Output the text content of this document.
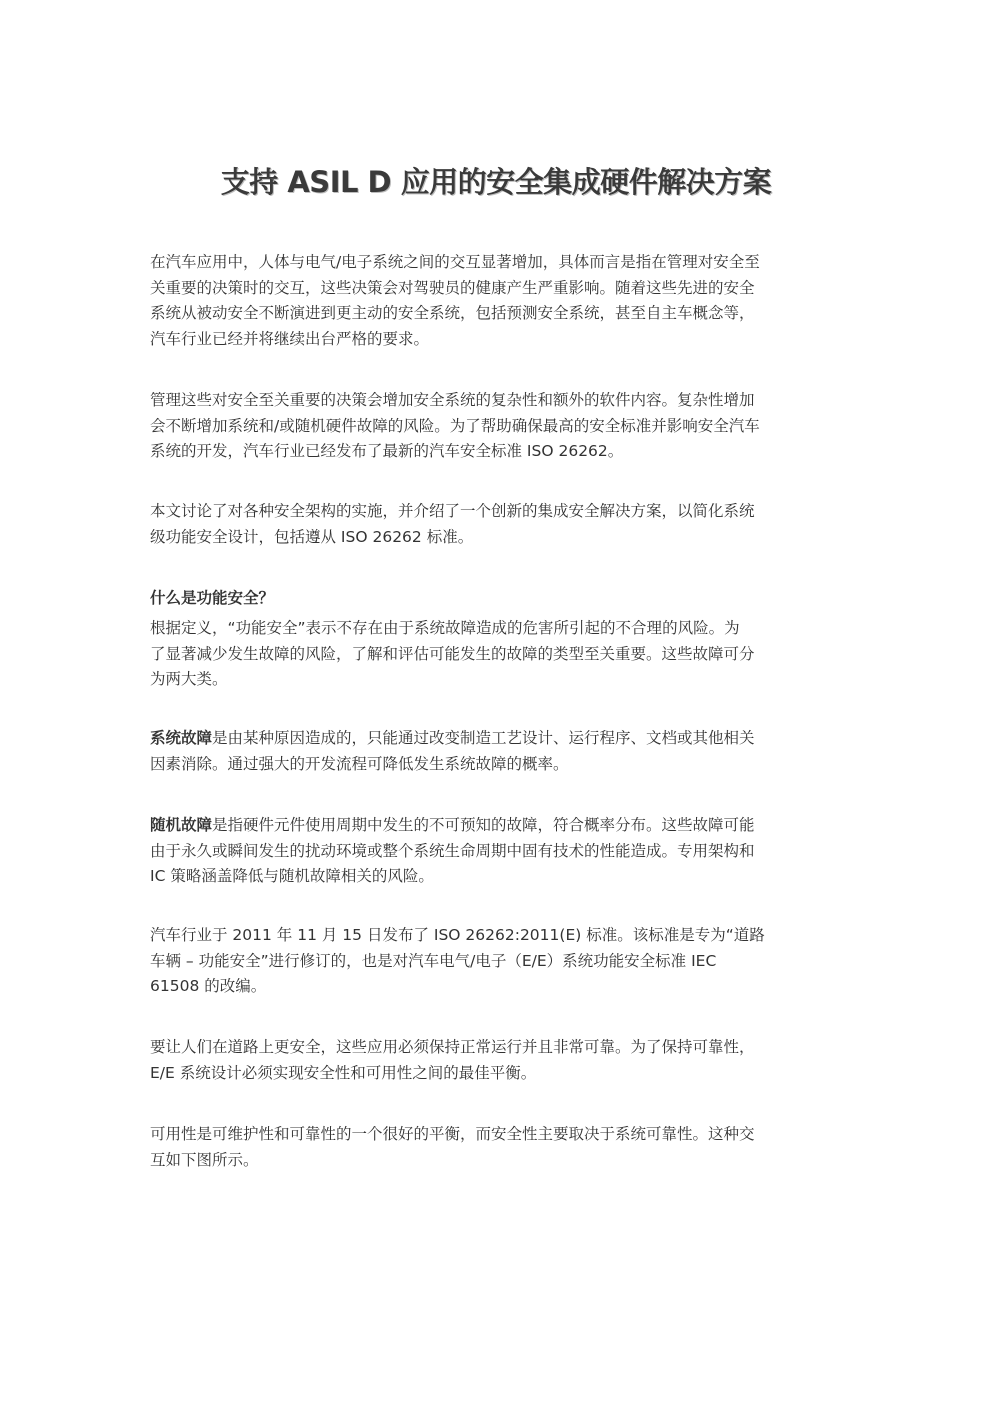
支持 ASIL D 应用的安全集成硬件解决方案

在汽车应用中，人体与电气/电子系统之间的交互显著增加，具体而言是指在管理对安全至
关重要的决策时的交互，这些决策会对驾驶员的健康产生严重影响。随着这些先进的安全
系统从被动安全不断演进到更主动的安全系统，包括预测安全系统，甚至自主车概念等，
汽车行业已经并将继续出台严格的要求。

管理这些对安全至关重要的决策会增加安全系统的复杂性和额外的软件内容。复杂性增加
会不断增加系统和/或随机硬件故障的风险。为了帮助确保最高的安全标准并影响安全汽车
系统的开发，汽车行业已经发布了最新的汽车安全标准 ISO 26262。

本文讨论了对各种安全架构的实施，并介绍了一个创新的集成安全解决方案，以简化系统
级功能安全设计，包括遵从 ISO 26262 标准。

什么是功能安全？

根据定义，“功能安全”表示不存在由于系统故障造成的危害所引起的不合理的风险。为
了显著减少发生故障的风险，了解和评估可能发生的故障的类型至关重要。这些故障可分
为两大类。

系统故障是由某种原因造成的，只能通过改变制造工艺设计、运行程序、文档或其他相关
因素消除。通过强大的开发流程可降低发生系统故障的概率。

随机故障是指硬件元件使用周期中发生的不可预知的故障，符合概率分布。这些故障可能
由于永久或瞬间发生的扰动环境或整个系统生命周期中固有技术的性能造成。专用架构和
IC 策略涵盖降低与随机故障相关的风险。

汽车行业于 2011 年 11 月 15 日发布了 ISO 26262:2011(E) 标准。该标准是专为“道路
车辆 – 功能安全”进行修订的，也是对汽车电气/电子（E/E）系统功能安全标准 IEC
61508 的改编。

要让人们在道路上更安全，这些应用必须保持正常运行并且非常可靠。为了保持可靠性，
E/E 系统设计必须实现安全性和可用性之间的最佳平衡。

可用性是可维护性和可靠性的一个很好的平衡，而安全性主要取决于系统可靠性。这种交
互如下图所示。
